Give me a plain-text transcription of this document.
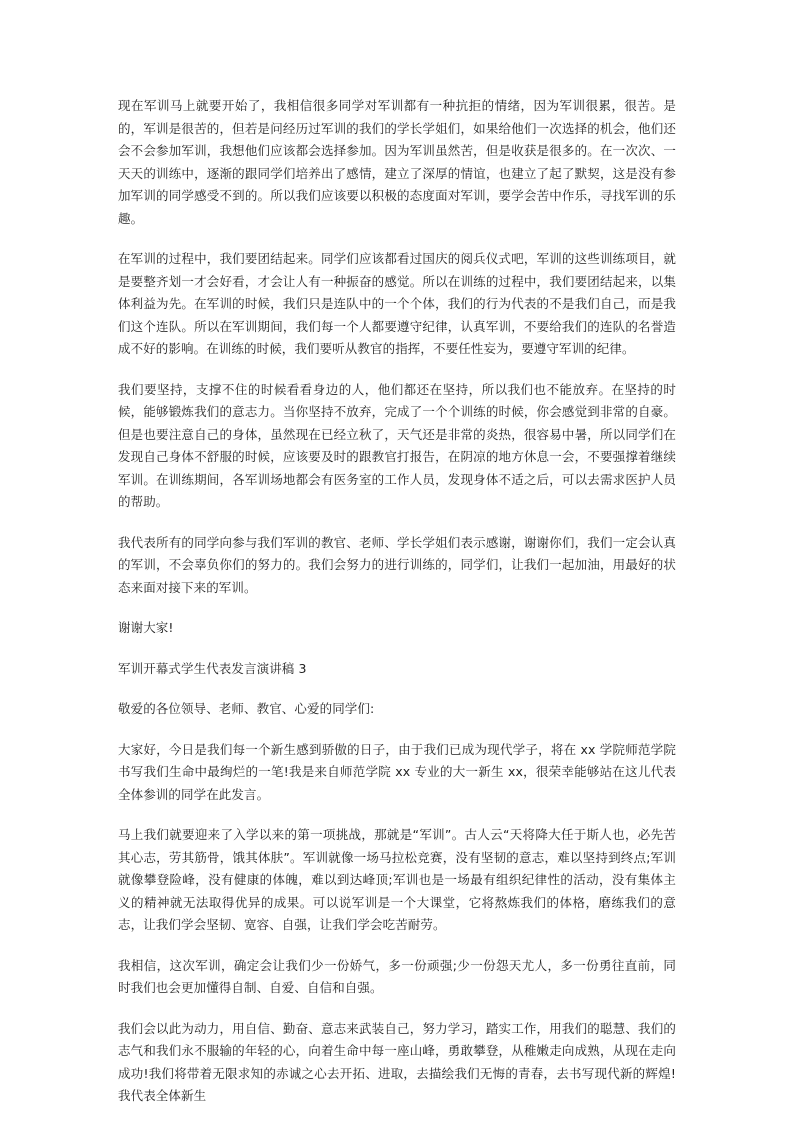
现在军训马上就要开始了，我相信很多同学对军训都有一种抗拒的情绪，因为军训很累，很苦。是的，军训是很苦的，但若是问经历过军训的我们的学长学姐们，如果给他们一次选择的机会，他们还会不会参加军训，我想他们应该都会选择参加。因为军训虽然苦，但是收获是很多的。在一次次、一天天的训练中，逐渐的跟同学们培养出了感情，建立了深厚的情谊，也建立了起了默契，这是没有参加军训的同学感受不到的。所以我们应该要以积极的态度面对军训，要学会苦中作乐，寻找军训的乐趣。

在军训的过程中，我们要团结起来。同学们应该都看过国庆的阅兵仪式吧，军训的这些训练项目，就是要整齐划一才会好看，才会让人有一种振奋的感觉。所以在训练的过程中，我们要团结起来，以集体利益为先。在军训的时候，我们只是连队中的一个个体，我们的行为代表的不是我们自己，而是我们这个连队。所以在军训期间，我们每一个人都要遵守纪律，认真军训，不要给我们的连队的名誉造成不好的影响。在训练的时候，我们要听从教官的指挥，不要任性妄为，要遵守军训的纪律。

我们要坚持，支撑不住的时候看看身边的人，他们都还在坚持，所以我们也不能放弃。在坚持的时候，能够锻炼我们的意志力。当你坚持不放弃，完成了一个个训练的时候，你会感觉到非常的自豪。但是也要注意自己的身体，虽然现在已经立秋了，天气还是非常的炎热，很容易中暑，所以同学们在发现自己身体不舒服的时候，应该要及时的跟教官打报告，在阴凉的地方休息一会，不要强撑着继续军训。在训练期间，各军训场地都会有医务室的工作人员，发现身体不适之后，可以去需求医护人员的帮助。

我代表所有的同学向参与我们军训的教官、老师、学长学姐们表示感谢，谢谢你们，我们一定会认真的军训，不会辜负你们的努力的。我们会努力的进行训练的，同学们，让我们一起加油，用最好的状态来面对接下来的军训。

谢谢大家!

军训开幕式学生代表发言演讲稿 3

敬爱的各位领导、老师、教官、心爱的同学们:

大家好，今日是我们每一个新生感到骄傲的日子，由于我们已成为现代学子，将在 xx 学院师范学院书写我们生命中最绚烂的一笔!我是来自师范学院 xx 专业的大一新生 xx，很荣幸能够站在这儿代表全体参训的同学在此发言。

马上我们就要迎来了入学以来的第一项挑战，那就是“军训”。古人云“天将降大任于斯人也，必先苦其心志，劳其筋骨，饿其体肤”。军训就像一场马拉松竞赛，没有坚韧的意志，难以坚持到终点;军训就像攀登险峰，没有健康的体魄，难以到达峰顶;军训也是一场最有组织纪律性的活动，没有集体主义的精神就无法取得优异的成果。可以说军训是一个大课堂，它将熬炼我们的体格，磨练我们的意志，让我们学会坚韧、宽容、自强，让我们学会吃苦耐劳。

我相信，这次军训，确定会让我们少一份娇气，多一份顽强;少一份怨天尤人，多一份勇往直前，同时我们也会更加懂得自制、自爱、自信和自强。

我们会以此为动力，用自信、勤奋、意志来武装自己，努力学习，踏实工作，用我们的聪慧、我们的志气和我们永不服输的年轻的心，向着生命中每一座山峰，勇敢攀登，从稚嫩走向成熟，从现在走向成功!我们将带着无限求知的赤诚之心去开拓、进取，去描绘我们无悔的青春，去书写现代新的辉煌!我代表全体新生
